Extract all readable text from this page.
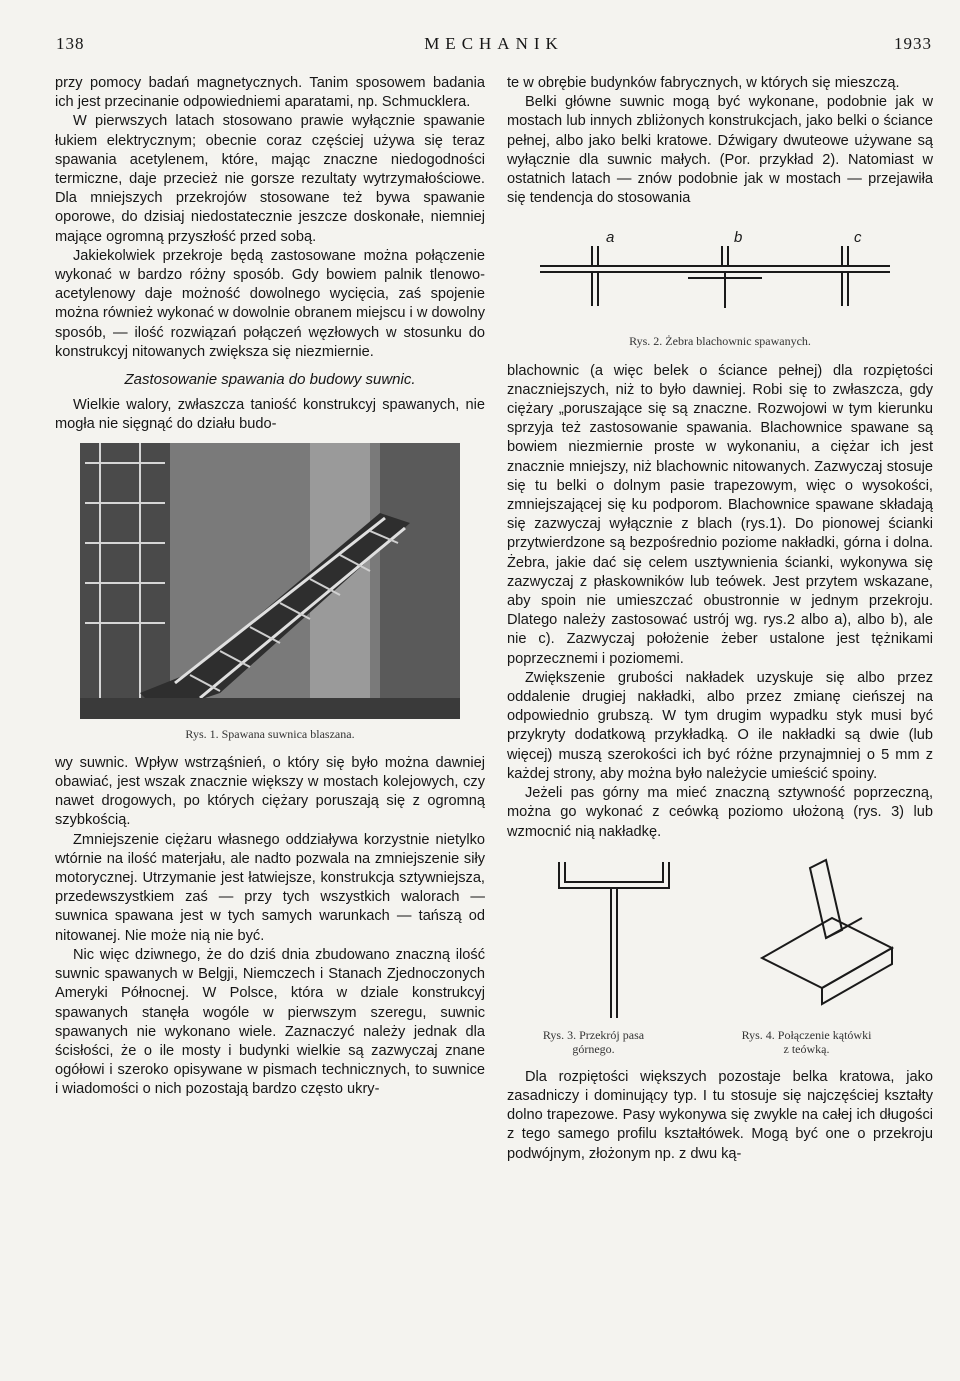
138	MECHANIK	1933

przy pomocy badań magnetycznych. Tanim sposowem badania ich jest przecinanie odpowiedniemi aparatami, np. Schmucklera.

W pierwszych latach stosowano prawie wyłącznie spawanie łukiem elektrycznym; obecnie coraz częściej używa się teraz spawania acetylenem, które, mając znaczne niedogodności termiczne, daje przecież nie gorsze rezultaty wytrzymałościowe. Dla mniejszych przekrojów stosowane też bywa spawanie oporowe, do dzisiaj niedostatecznie jeszcze doskonałe, niemniej mające ogromną przyszłość przed sobą.

Jakiekolwiek przekroje będą zastosowane można połączenie wykonać w bardzo różny sposób. Gdy bowiem palnik tlenowo-acetylenowy daje możność dowolnego wycięcia, zaś spojenie można również wykonać w dowolnie obranem miejscu i w dowolny sposób, — ilość rozwiązań połączeń węzłowych w stosunku do konstrukcyj nitowanych zwiększa się niezmiernie.

Zastosowanie spawania do budowy suwnic.

Wielkie walory, zwłaszcza taniość konstrukcyj spawanych, nie mogła nie sięgnąć do działu budo-

Rys. 1. Spawana suwnica blaszana.

wy suwnic. Wpływ wstrząśnień, o który się było można dawniej obawiać, jest wszak znacznie większy w mostach kolejowych, czy nawet drogowych, po których ciężary poruszają się z ogromną szybkością.

Zmniejszenie ciężaru własnego oddziaływa korzystnie nietylko wtórnie na ilość materjału, ale nadto pozwala na zmniejszenie siły motorycznej. Utrzymanie jest łatwiejsze, konstrukcja sztywniejsza, przedewszystkiem zaś — przy tych wszystkich walorach — suwnica spawana jest w tych samych warunkach — tańszą od nitowanej. Nie może nią nie być.

Nic więc dziwnego, że do dziś dnia zbudowano znaczną ilość suwnic spawanych w Belgji, Niemczech i Stanach Zjednoczonych Ameryki Północnej. W Polsce, która w dziale konstrukcyj spawanych stanęła wogóle w pierwszym szeregu, suwnic spawanych nie wykonano wiele. Zaznaczyć należy jednak dla ścisłości, że o ile mosty i budynki wielkie są zazwyczaj znane ogółowi i szeroko opisywane w pismach technicznych, to suwnice i wiadomości o nich pozostają bardzo często ukry-

te w obrębie budynków fabrycznych, w których się mieszczą.

Belki główne suwnic mogą być wykonane, podobnie jak w mostach lub innych zbliżonych konstrukcjach, jako belki o ściance pełnej, albo jako belki kratowe. Dźwigary dwuteowe używane są wyłącznie dla suwnic małych. (Por. przykład 2). Natomiast w ostatnich latach — znów podobnie jak w mostach — przejawiła się tendencja do stosowania

a	b	c
Rys. 2. Żebra blachownic spawanych.

blachownic (a więc belek o ściance pełnej) dla rozpiętości znaczniejszych, niż to było dawniej. Robi się to zwłaszcza, gdy ciężary „poruszające się są znaczne. Rozwojowi w tym kierunku sprzyja też zastosowanie spawania. Blachownice spawane są bowiem niezmiernie proste w wykonaniu, a ciężar ich jest znacznie mniejszy, niż blachownic nitowanych. Zazwyczaj stosuje się tu belki o dolnym pasie trapezowym, więc o wysokości, zmniejszającej się ku podporom. Blachownice spawane składają się zazwyczaj wyłącznie z blach (rys.1). Do pionowej ścianki przytwierdzone są bezpośrednio poziome nakładki, górna i dolna. Żebra, jakie dać się celem usztywnienia ścianki, wykonywa się zazwyczaj z płaskowników lub teówek. Jest przytem wskazane, aby spoin nie umieszczać obustronnie w jednym przekroju. Dlatego należy zastosować ustrój wg. rys.2 albo a), albo b), ale nie c). Zazwyczaj położenie żeber ustalone jest tężnikami poprzecznemi i poziomemi.

Zwiększenie grubości nakładek uzyskuje się albo przez oddalenie drugiej nakładki, albo przez zmianę cieńszej na odpowiednio grubszą. W tym drugim wypadku styk musi być przykryty dodatkową przykładką. O ile nakładki są dwie (lub więcej) muszą szerokości ich być różne przynajmniej o 5 mm z każdej strony, aby można było należycie umieścić spoiny.

Jeżeli pas górny ma mieć znaczną sztywność poprzeczną, można go wykonać z ceówką poziomo ułożoną (rys. 3) lub wzmocnić nią nakładkę.

Rys. 3. Przekrój pasa górnego.
Rys. 4. Połączenie kątówki z teówką.

Dla rozpiętości większych pozostaje belka kratowa, jako zasadniczy i dominujący typ. I tu stosuje się najczęściej kształty dolno trapezowe. Pasy wykonywa się zwykle na całej ich długości z tego samego profilu kształtówek. Mogą być one o przekroju podwójnym, złożonym np. z dwu ką-
